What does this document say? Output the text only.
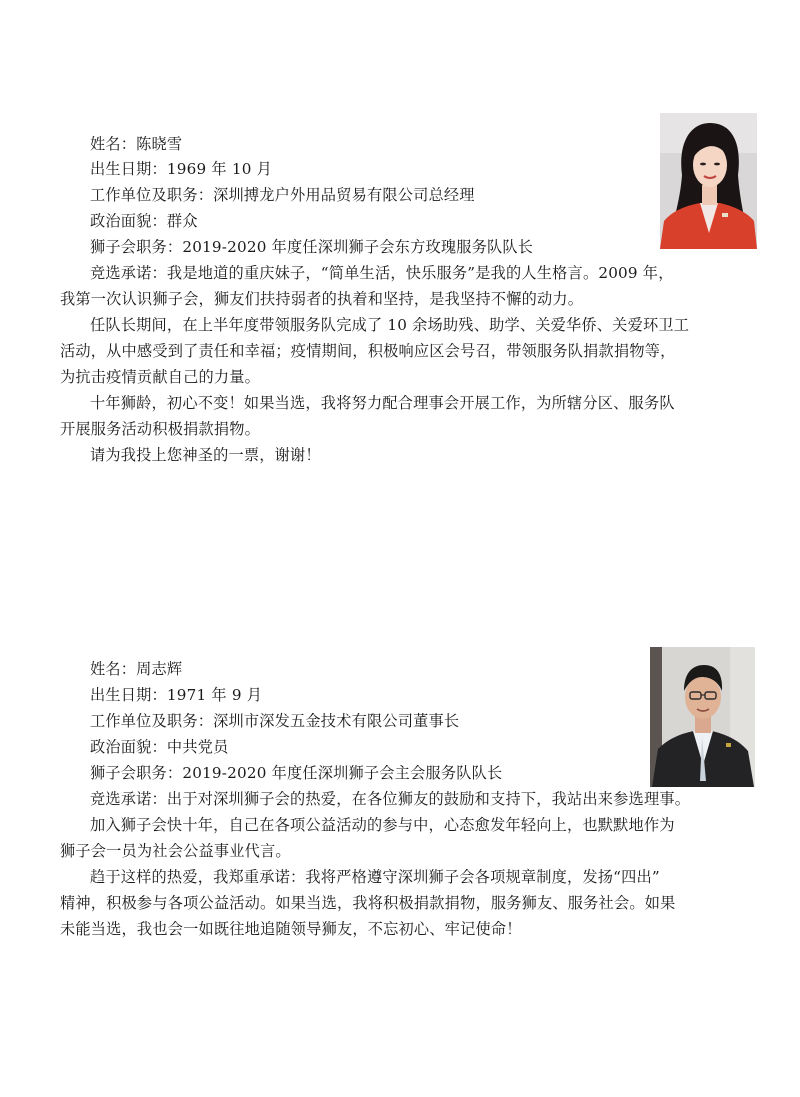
姓名：陈晓雪
出生日期：1969 年 10 月
工作单位及职务：深圳搏龙户外用品贸易有限公司总经理
政治面貌：群众
狮子会职务：2019-2020 年度任深圳狮子会东方玫瑰服务队队长
竞选承诺：我是地道的重庆妹子，“简单生活，快乐服务”是我的人生格言。2009 年，
我第一次认识狮子会，狮友们扶持弱者的执着和坚持，是我坚持不懈的动力。
任队长期间，在上半年度带领服务队完成了 10 余场助残、助学、关爱华侨、关爱环卫工
活动，从中感受到了责任和幸福；疫情期间，积极响应区会号召，带领服务队捐款捐物等，
为抗击疫情贡献自己的力量。
十年狮龄，初心不变！如果当选，我将努力配合理事会开展工作，为所辖分区、服务队
开展服务活动积极捐款捐物。
请为我投上您神圣的一票，谢谢！
姓名：周志辉
出生日期：1971 年 9 月
工作单位及职务：深圳市深发五金技术有限公司董事长
政治面貌：中共党员
狮子会职务：2019-2020 年度任深圳狮子会主会服务队队长
竞选承诺：出于对深圳狮子会的热爱，在各位狮友的鼓励和支持下，我站出来参选理事。
加入狮子会快十年，自己在各项公益活动的参与中，心态愈发年轻向上，也默默地作为
狮子会一员为社会公益事业代言。
趋于这样的热爱，我郑重承诺：我将严格遵守深圳狮子会各项规章制度，发扬“四出”
精神，积极参与各项公益活动。如果当选，我将积极捐款捐物，服务狮友、服务社会。如果
未能当选，我也会一如既往地追随领导狮友，不忘初心、牢记使命！
